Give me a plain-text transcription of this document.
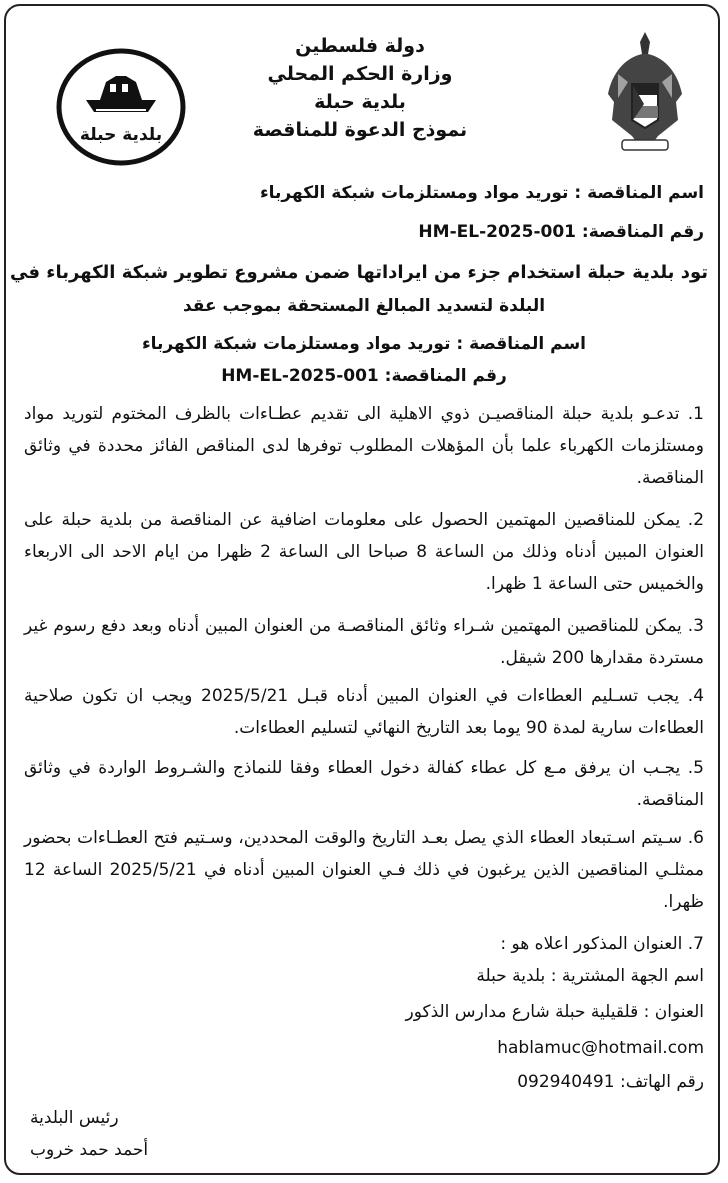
بلدية حبلة
دولة فلسطين
وزارة الحكم المحلي
بلدية حبلة
نموذج الدعوة للمناقصة
اسم المناقصة : توريد مواد ومستلزمات شبكة الكهرباء
رقم المناقصة: HM-EL-2025-001
تود بلدية حبلة استخدام جزء من ايراداتها ضمن مشروع تطوير شبكة الكهرباء في
البلدة لتسديد المبالغ المستحقة بموجب عقد
اسم المناقصة : توريد مواد ومستلزمات شبكة الكهرباء
رقم المناقصة: HM-EL-2025-001
1. تدعـو بلدية حبلة المناقصيـن ذوي الاهلية الى تقديم عطـاءات بالظرف المختوم لتوريد مواد ومستلزمات الكهرباء علما بأن المؤهلات المطلوب توفرها لدى المناقص الفائز محددة في وثائق المناقصة.
2. يمكن للمناقصين المهتمين الحصول على معلومات اضافية عن المناقصة من بلدية حبلة على العنوان المبين أدناه وذلك من الساعة 8 صباحا الى الساعة 2 ظهرا من ايام الاحد الى الاربعاء والخميس حتى الساعة 1 ظهرا.
3. يمكن للمناقصين المهتمين شـراء وثائق المناقصـة من العنوان المبين أدناه وبعد دفع رسوم غير مستردة مقدارها 200 شيقل.
4. يجب تسـليم العطاءات في العنوان المبين أدناه قبـل 2025/5/21 ويجب ان تكون صلاحية العطاءات سارية لمدة 90 يوما بعد التاريخ النهائي لتسليم العطاءات.
5. يجـب ان يرفق مـع كل عطاء كفالة دخول العطاء وفقا للنماذج والشـروط الواردة في وثائق المناقصة.
6. سـيتم اسـتبعاد العطاء الذي يصل بعـد التاريخ والوقت المحددين، وسـتيم فتح العطـاءات بحضور ممثلـي المناقصين الذين يرغبون في ذلك فـي العنوان المبين أدناه في 2025/5/21 الساعة 12 ظهرا.
7. العنوان المذكور اعلاه هو :
اسم الجهة المشترية : بلدية حبلة
العنوان : قلقيلية حبلة شارع مدارس الذكور
hablamuc@hotmail.com
رقم الهاتف: 092940491
رئيس البلدية
أحمد حمد خروب
